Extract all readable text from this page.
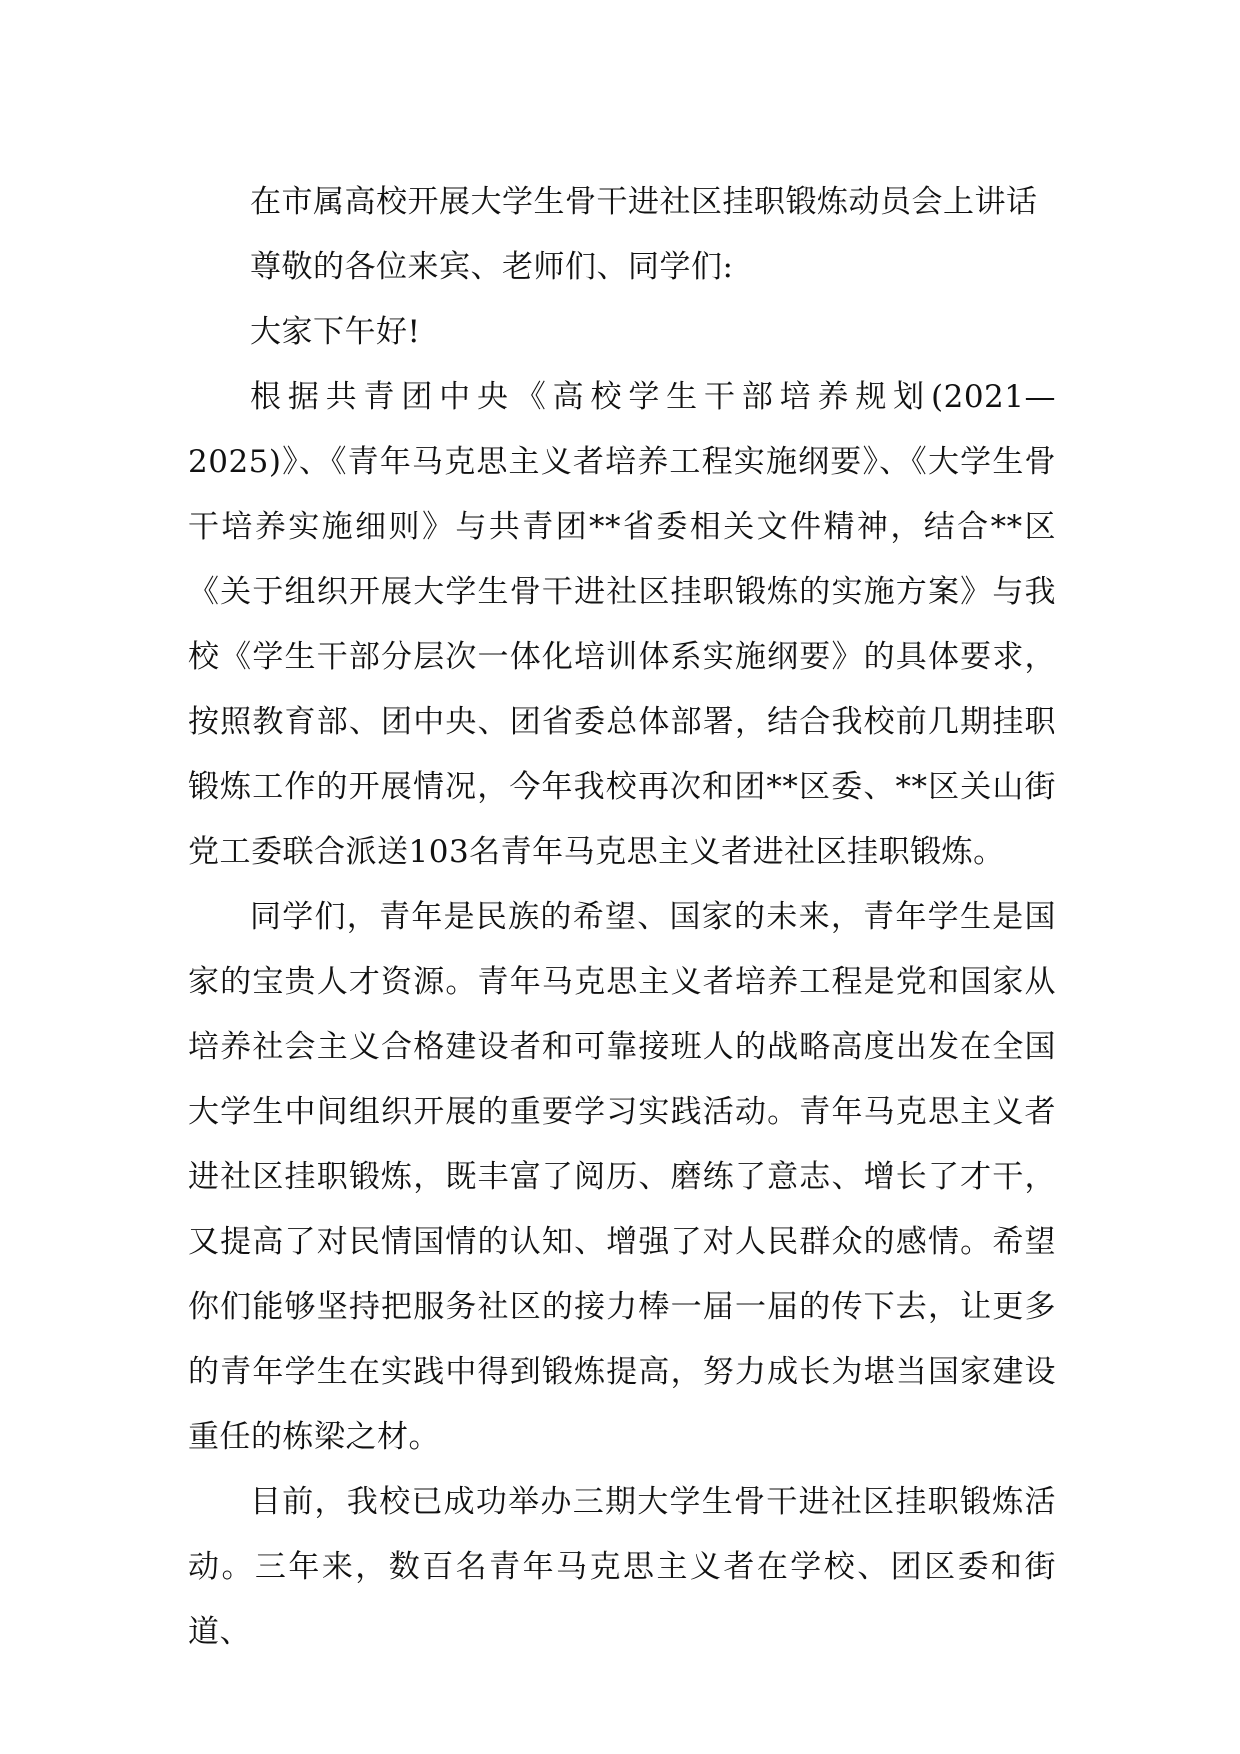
在市属高校开展大学生骨干进社区挂职锻炼动员会上讲话

尊敬的各位来宾、老师们、同学们:

大家下午好!

根据共青团中央《高校学生干部培养规划(2021—2025)》、《青年马克思主义者培养工程实施纲要》、《大学生骨干培养实施细则》与共青团**省委相关文件精神，结合**区《关于组织开展大学生骨干进社区挂职锻炼的实施方案》与我校《学生干部分层次一体化培训体系实施纲要》的具体要求，按照教育部、团中央、团省委总体部署，结合我校前几期挂职锻炼工作的开展情况，今年我校再次和团**区委、**区关山街党工委联合派送103名青年马克思主义者进社区挂职锻炼。

同学们，青年是民族的希望、国家的未来，青年学生是国家的宝贵人才资源。青年马克思主义者培养工程是党和国家从培养社会主义合格建设者和可靠接班人的战略高度出发在全国大学生中间组织开展的重要学习实践活动。青年马克思主义者进社区挂职锻炼，既丰富了阅历、磨练了意志、增长了才干，又提高了对民情国情的认知、增强了对人民群众的感情。希望你们能够坚持把服务社区的接力棒一届一届的传下去，让更多的青年学生在实践中得到锻炼提高，努力成长为堪当国家建设重任的栋梁之材。

目前，我校已成功举办三期大学生骨干进社区挂职锻炼活动。三年来，数百名青年马克思主义者在学校、团区委和街道、
